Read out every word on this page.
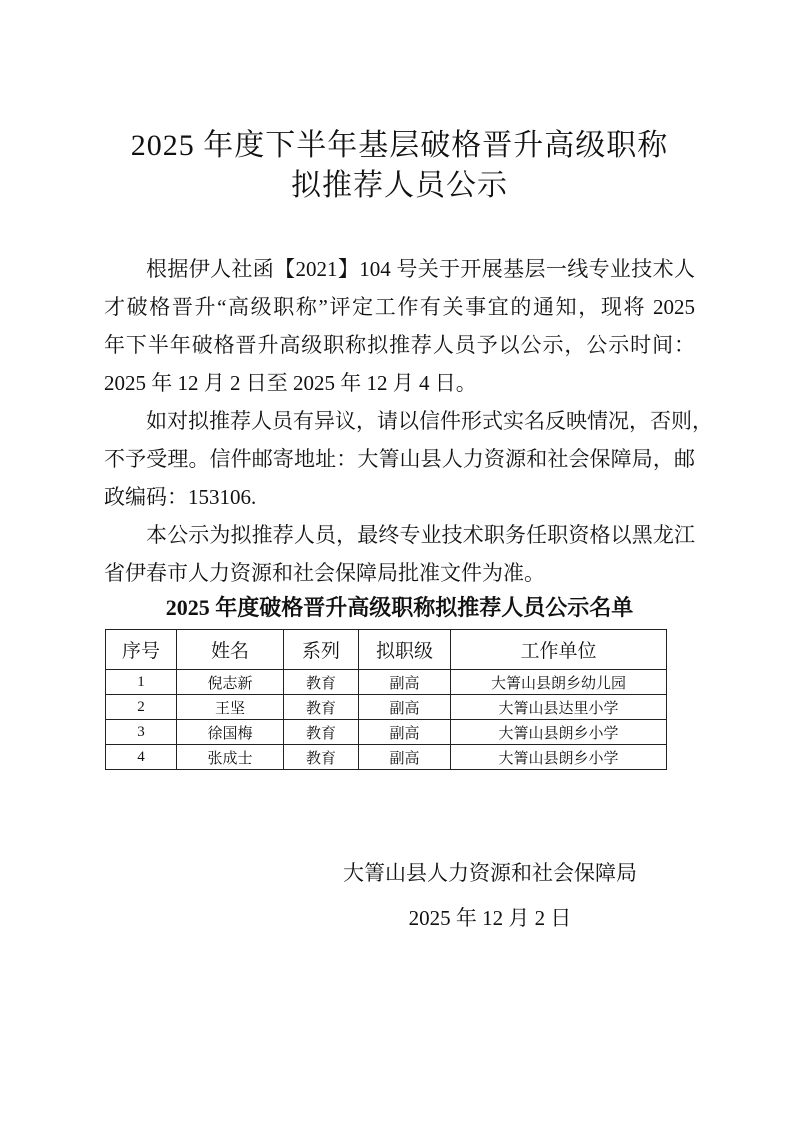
2025 年度下半年基层破格晋升高级职称
拟推荐人员公示
根据伊人社函【2021】104 号关于开展基层一线专业技术人
才破格晋升“高级职称”评定工作有关事宜的通知，现将 2025
年下半年破格晋升高级职称拟推荐人员予以公示，公示时间：
2025 年 12 月 2 日至 2025 年 12 月 4 日。
如对拟推荐人员有异议，请以信件形式实名反映情况，否则，
不予受理。信件邮寄地址：大箐山县人力资源和社会保障局，邮
政编码：153106.
本公示为拟推荐人员，最终专业技术职务任职资格以黑龙江
省伊春市人力资源和社会保障局批准文件为准。
2025 年度破格晋升高级职称拟推荐人员公示名单
序号	姓名	系列	拟职级	工作单位
1	倪志新	教育	副高	大箐山县朗乡幼儿园
2	王坚	教育	副高	大箐山县达里小学
3	徐国梅	教育	副高	大箐山县朗乡小学
4	张成士	教育	副高	大箐山县朗乡小学
大箐山县人力资源和社会保障局
2025 年 12 月 2 日
